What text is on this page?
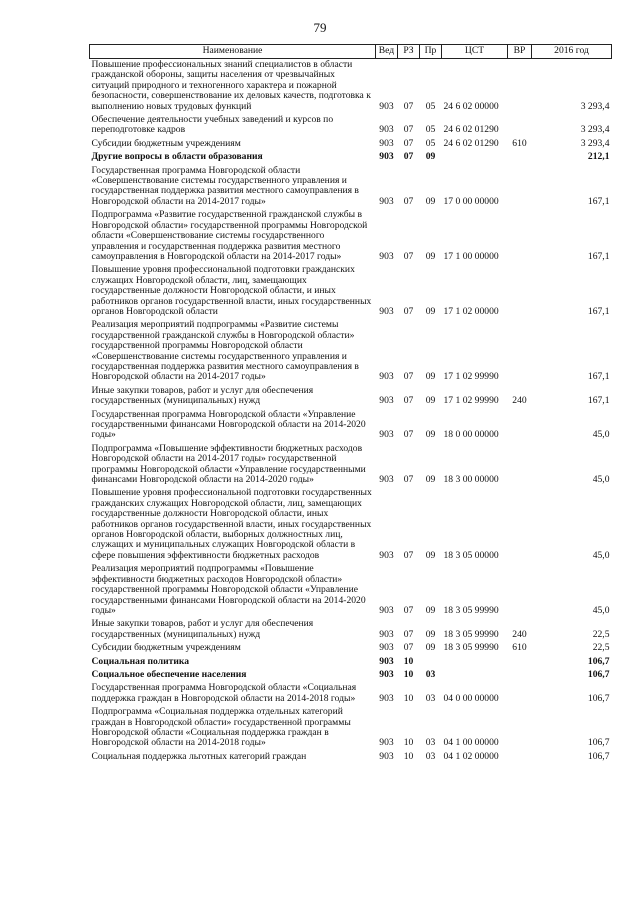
79
Наименование	Вед	РЗ	Пр	ЦСТ	ВР	2016 год
Повышение профессиональных знаний специалистов в области гражданской обороны, защиты населения от чрезвычайных ситуаций природного и техногенного характера и пожарной безопасности, совершенствование их деловых качеств, подготовка к выполнению новых трудовых функций	903	07	05	24 6 02 00000		3 293,4
Обеспечение деятельности учебных заведений и курсов по переподготовке кадров	903	07	05	24 6 02 01290		3 293,4
Субсидии бюджетным учреждениям	903	07	05	24 6 02 01290	610	3 293,4
Другие вопросы в области образования	903	07	09			212,1
Государственная программа Новгородской области «Совершенствование системы государственного управления и государственная поддержка развития местного самоуправления в Новгородской области на 2014-2017 годы»	903	07	09	17 0 00 00000		167,1
Подпрограмма «Развитие государственной гражданской службы в Новгородской области» государственной программы Новгородской области «Совершенствование системы государственного управления и государственная поддержка развития местного самоуправления в Новгородской области на 2014-2017 годы»	903	07	09	17 1 00 00000		167,1
Повышение уровня профессиональной подготовки гражданских служащих Новгородской области, лиц, замещающих государственные должности Новгородской области, и иных работников органов государственной власти, иных государственных органов Новгородской области	903	07	09	17 1 02 00000		167,1
Реализация мероприятий подпрограммы «Развитие системы государственной гражданской службы в Новгородской области» государственной программы Новгородской области «Совершенствование системы государственного управления и государственная поддержка развития местного самоуправления в Новгородской области на 2014-2017 годы»	903	07	09	17 1 02 99990		167,1
Иные закупки товаров, работ и услуг для обеспечения государственных (муниципальных) нужд	903	07	09	17 1 02 99990	240	167,1
Государственная программа Новгородской области «Управление государственными финансами Новгородской области на 2014-2020 годы»	903	07	09	18 0 00 00000		45,0
Подпрограмма «Повышение эффективности бюджетных расходов Новгородской области на 2014-2017 годы» государственной программы Новгородской области «Управление государственными финансами Новгородской области на 2014-2020 годы»	903	07	09	18 3 00 00000		45,0
Повышение уровня профессиональной подготовки государственных гражданских служащих Новгородской области, лиц, замещающих государственные должности Новгородской области, иных работников органов государственной власти, иных государственных органов Новгородской области, выборных должностных лиц, служащих и муниципальных служащих Новгородской области в сфере повышения эффективности бюджетных расходов	903	07	09	18 3 05 00000		45,0
Реализация мероприятий подпрограммы «Повышение эффективности бюджетных расходов Новгородской области» государственной программы Новгородской области «Управление государственными финансами Новгородской области на 2014-2020 годы»	903	07	09	18 3 05 99990		45,0
Иные закупки товаров, работ и услуг для обеспечения государственных (муниципальных) нужд	903	07	09	18 3 05 99990	240	22,5
Субсидии бюджетным учреждениям	903	07	09	18 3 05 99990	610	22,5
Социальная политика	903	10				106,7
Социальное обеспечение населения	903	10	03			106,7
Государственная программа Новгородской области «Социальная поддержка граждан в Новгородской области на 2014-2018 годы»	903	10	03	04 0 00 00000		106,7
Подпрограмма «Социальная поддержка отдельных категорий граждан в Новгородской области» государственной программы Новгородской области «Социальная поддержка граждан в Новгородской области на 2014-2018 годы»	903	10	03	04 1 00 00000		106,7
Социальная поддержка льготных категорий граждан	903	10	03	04 1 02 00000		106,7
